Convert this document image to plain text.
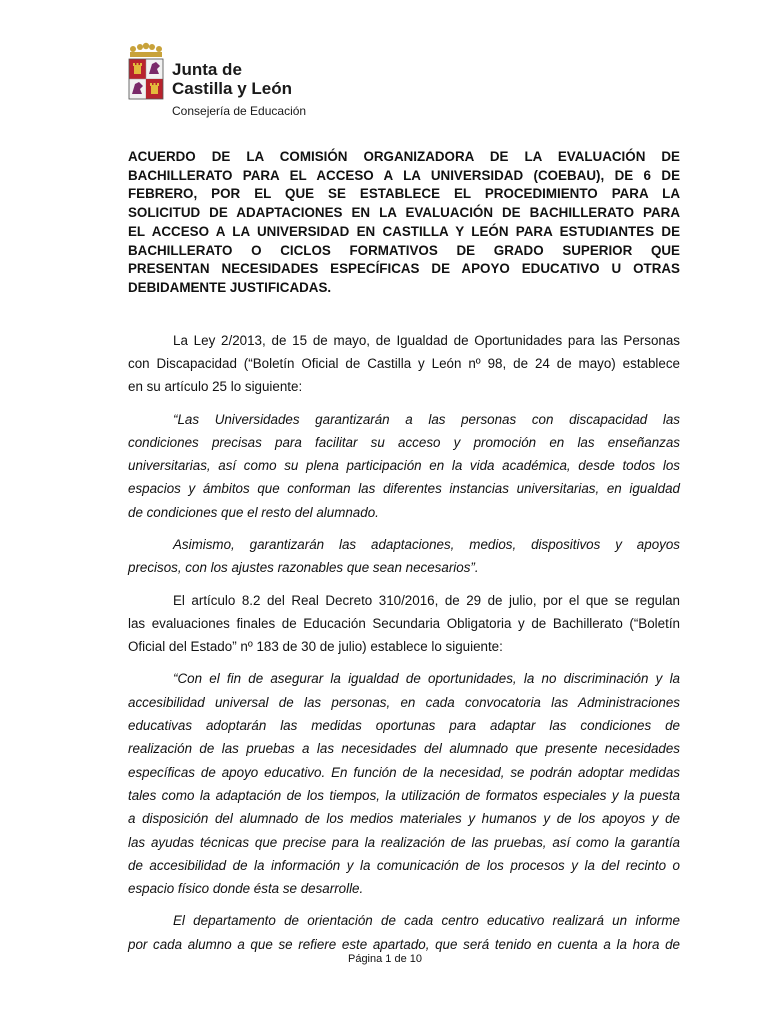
Junta de
Castilla y León
Consejería de Educación
ACUERDO DE LA COMISIÓN ORGANIZADORA DE LA EVALUACIÓN DE
BACHILLERATO PARA EL ACCESO A LA UNIVERSIDAD (COEBAU), DE 6 DE
FEBRERO, POR EL QUE SE ESTABLECE EL PROCEDIMIENTO PARA LA
SOLICITUD DE ADAPTACIONES EN LA EVALUACIÓN DE BACHILLERATO PARA
EL ACCESO A LA UNIVERSIDAD EN CASTILLA Y LEÓN PARA ESTUDIANTES DE
BACHILLERATO O CICLOS FORMATIVOS DE GRADO SUPERIOR QUE
PRESENTAN NECESIDADES ESPECÍFICAS DE APOYO EDUCATIVO U OTRAS
DEBIDAMENTE JUSTIFICADAS.

La Ley 2/2013, de 15 de mayo, de Igualdad de Oportunidades para las Personas
con Discapacidad (“Boletín Oficial de Castilla y León nº 98, de 24 de mayo) establece
en su artículo 25 lo siguiente:

“Las Universidades garantizarán a las personas con discapacidad las
condiciones precisas para facilitar su acceso y promoción en las enseñanzas
universitarias, así como su plena participación en la vida académica, desde todos los
espacios y ámbitos que conforman las diferentes instancias universitarias, en igualdad
de condiciones que el resto del alumnado.

Asimismo, garantizarán las adaptaciones, medios, dispositivos y apoyos
precisos, con los ajustes razonables que sean necesarios”.

El artículo 8.2 del Real Decreto 310/2016, de 29 de julio, por el que se regulan
las evaluaciones finales de Educación Secundaria Obligatoria y de Bachillerato (“Boletín
Oficial del Estado” nº 183 de 30 de julio) establece lo siguiente:

“Con el fin de asegurar la igualdad de oportunidades, la no discriminación y la
accesibilidad universal de las personas, en cada convocatoria las Administraciones
educativas adoptarán las medidas oportunas para adaptar las condiciones de
realización de las pruebas a las necesidades del alumnado que presente necesidades
específicas de apoyo educativo. En función de la necesidad, se podrán adoptar medidas
tales como la adaptación de los tiempos, la utilización de formatos especiales y la puesta
a disposición del alumnado de los medios materiales y humanos y de los apoyos y de
las ayudas técnicas que precise para la realización de las pruebas, así como la garantía
de accesibilidad de la información y la comunicación de los procesos y la del recinto o
espacio físico donde ésta se desarrolle.

El departamento de orientación de cada centro educativo realizará un informe
por cada alumno a que se refiere este apartado, que será tenido en cuenta a la hora de

Página 1 de 10
